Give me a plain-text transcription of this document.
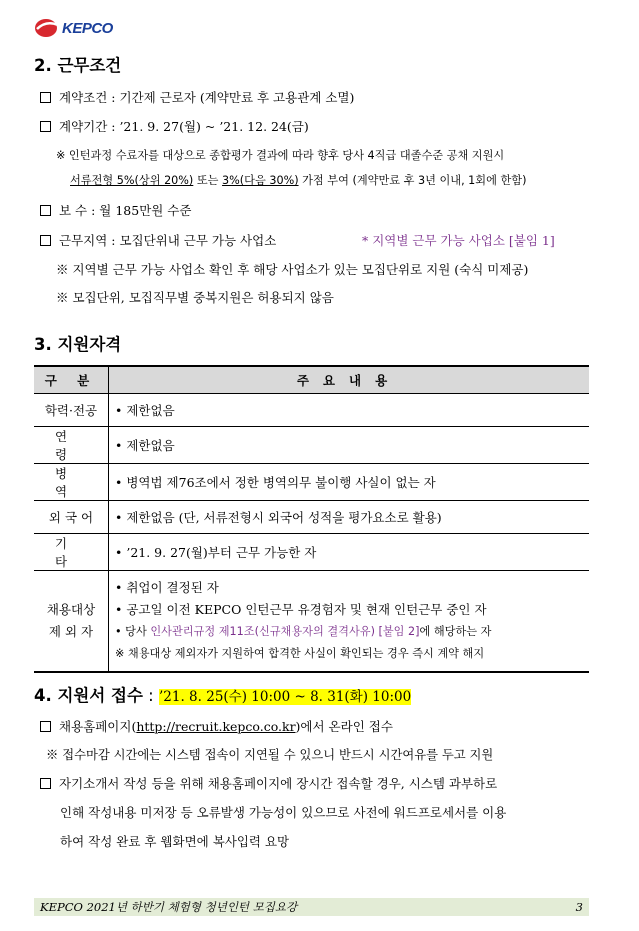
KEPCO
2. 근무조건
계약조건 : 기간제 근로자 (계약만료 후 고용관계 소멸)
계약기간 : ’21. 9. 27(월) ~ ’21. 12. 24(금)
※ 인턴과정 수료자를 대상으로 종합평가 결과에 따라 향후 당사 4직급 대졸수준 공채 지원시
서류전형 5%(상위 20%) 또는 3%(다음 30%) 가점 부여 (계약만료 후 3년 이내, 1회에 한함)
보 수 : 월 185만원 수준
근무지역 : 모집단위내 근무 가능 사업소	* 지역별 근무 가능 사업소 [붙임 1]
※ 지역별 근무 가능 사업소 확인 후 해당 사업소가 있는 모집단위로 지원 (숙식 미제공)
※ 모집단위, 모집직무별 중복지원은 허용되지 않음
3. 지원자격
구 분	주요내용
학력·전공	• 제한없음
연 령	• 제한없음
병 역	• 병역법 제76조에서 정한 병역의무 불이행 사실이 없는 자
외 국 어	• 제한없음 (단, 서류전형시 외국어 성적을 평가요소로 활용)
기 타	• ’21. 9. 27(월)부터 근무 가능한 자

채용대상
제 외 자	• 취업이 결정된 자
• 공고일 이전 KEPCO 인턴근무 유경험자 및 현재 인턴근무 중인 자
• 당사 인사관리규정 제11조(신규채용자의 결격사유) [붙임 2]에 해당하는 자
※ 채용대상 제외자가 지원하여 합격한 사실이 확인되는 경우 즉시 계약 해지
4. 지원서 접수 : ’21. 8. 25(수) 10:00 ~ 8. 31(화) 10:00
채용홈페이지(http://recruit.kepco.co.kr)에서 온라인 접수
※ 접수마감 시간에는 시스템 접속이 지연될 수 있으니 반드시 시간여유를 두고 지원
자기소개서 작성 등을 위해 채용홈페이지에 장시간 접속할 경우, 시스템 과부하로
인해 작성내용 미저장 등 오류발생 가능성이 있으므로 사전에 워드프로세서를 이용
하여 작성 완료 후 웹화면에 복사입력 요망
KEPCO 2021년 하반기 체험형 청년인턴 모집요강	3
